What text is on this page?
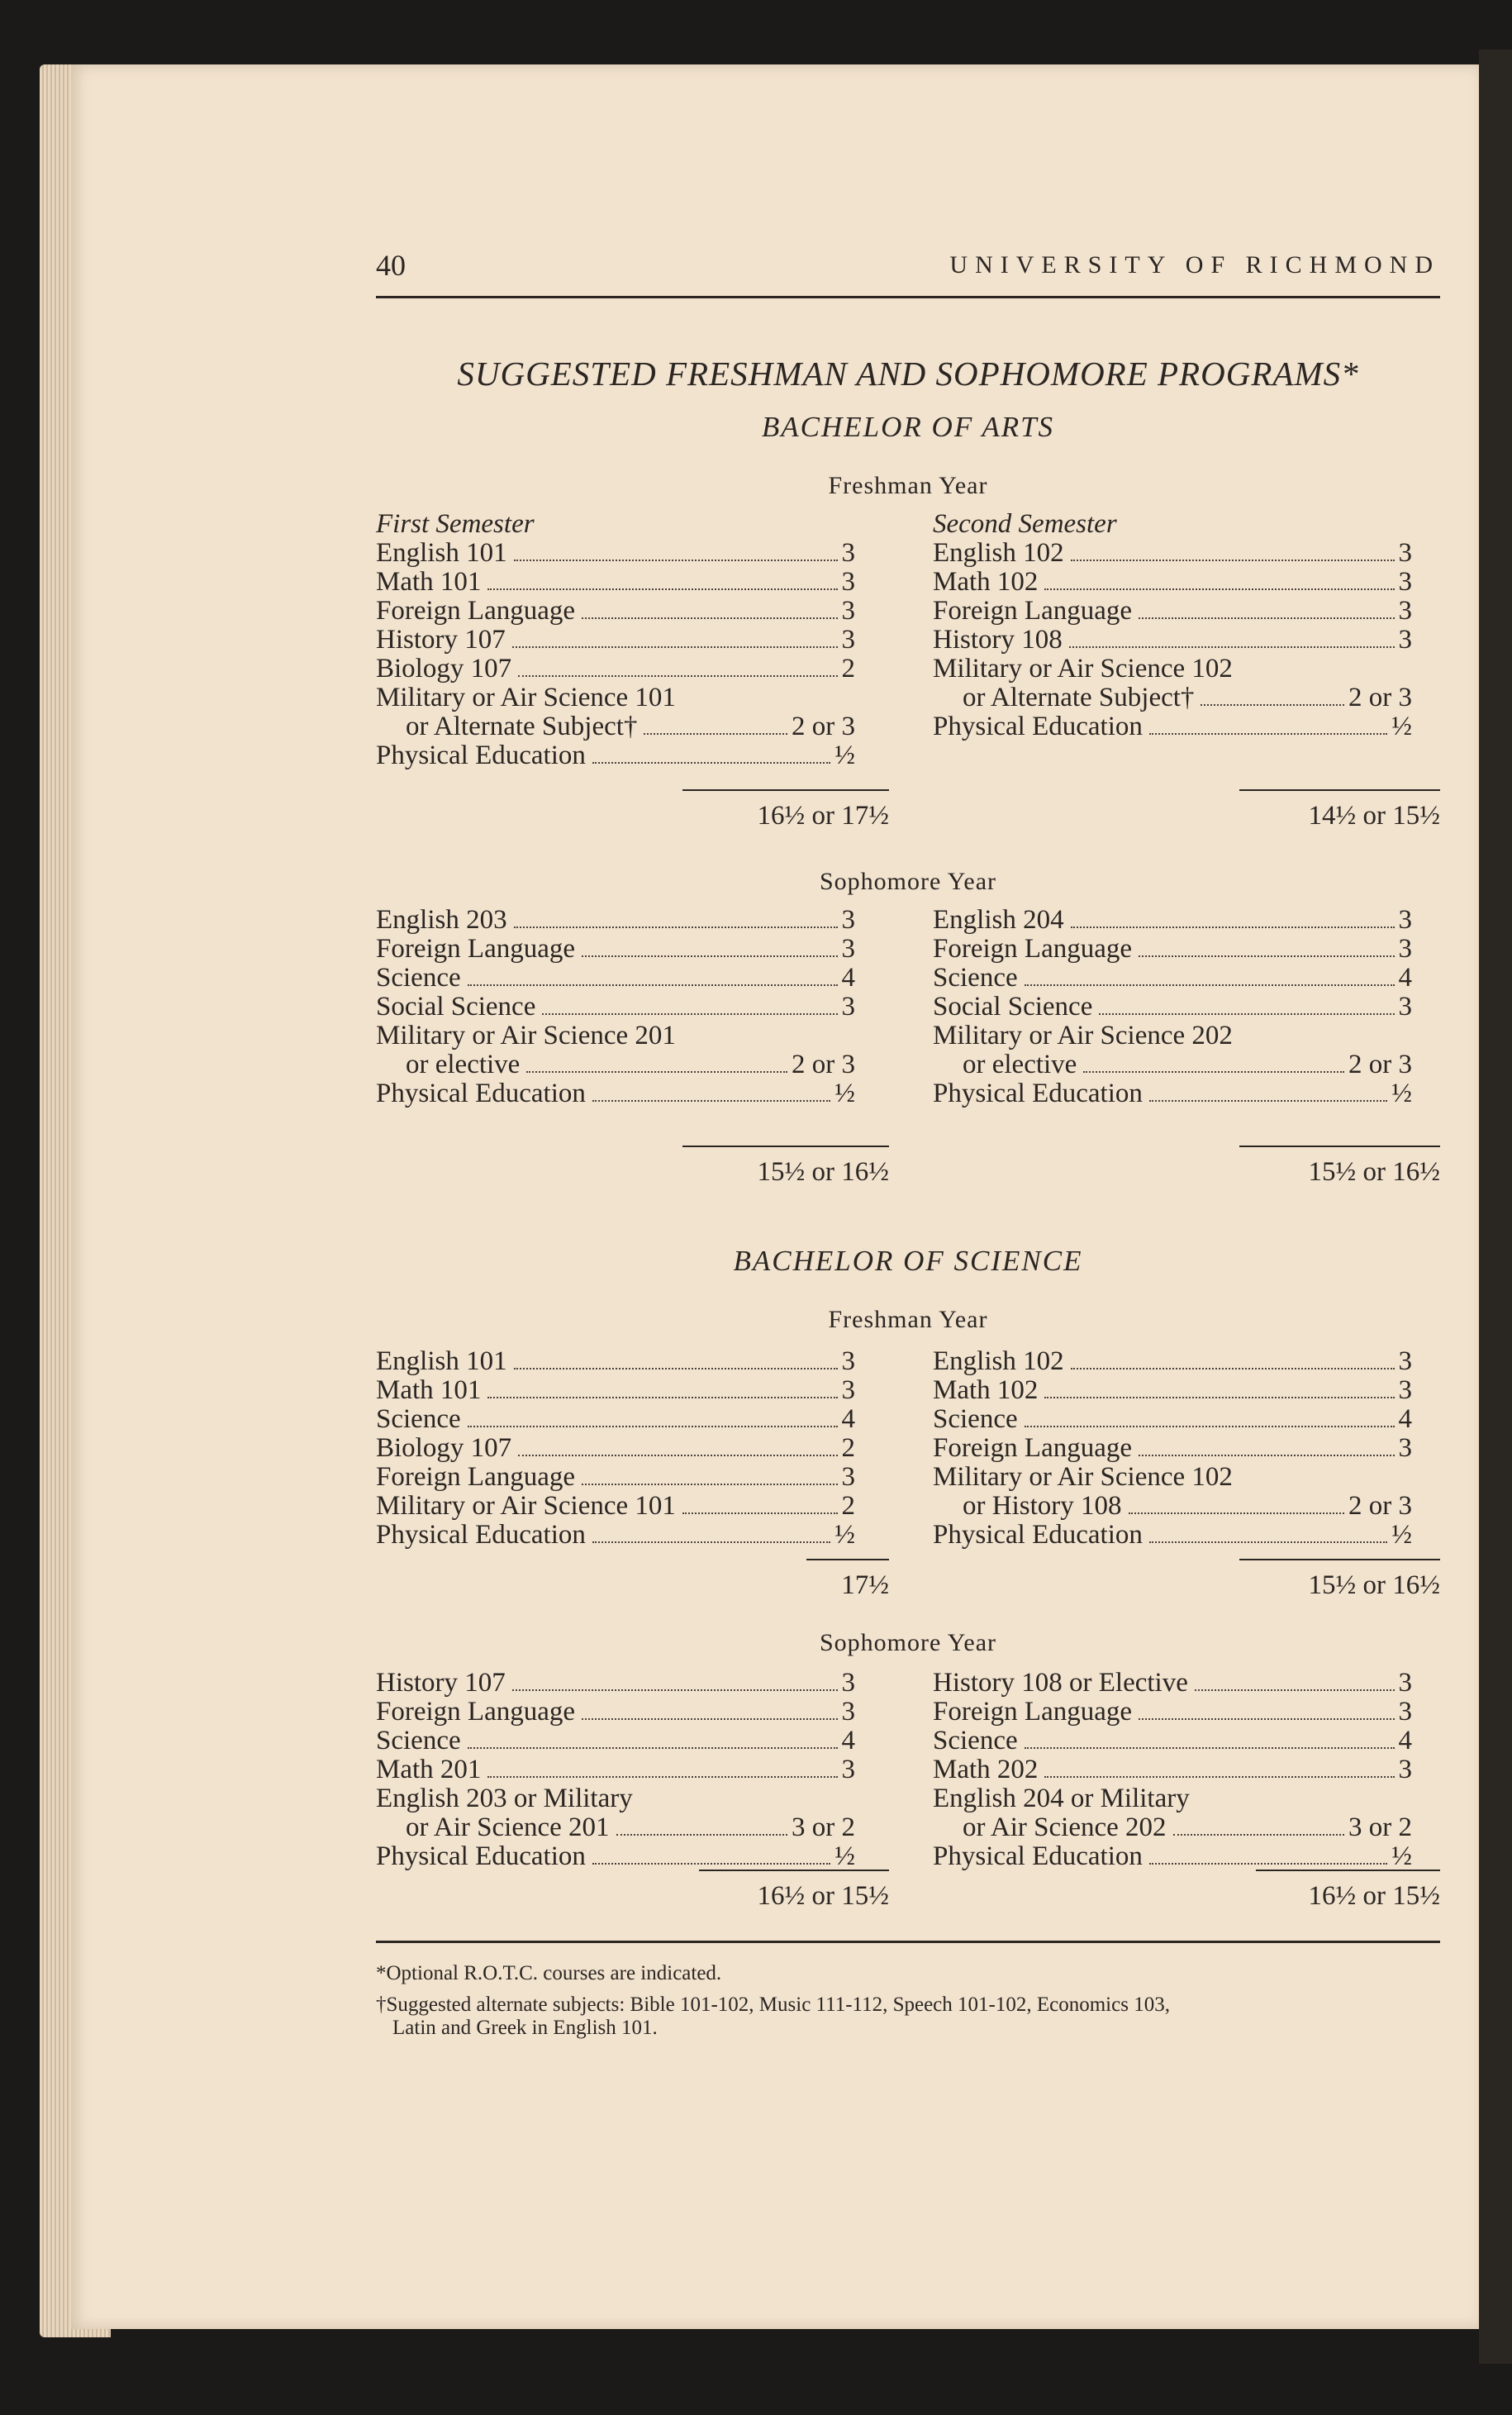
40	UNIVERSITY OF RICHMOND
SUGGESTED FRESHMAN AND SOPHOMORE PROGRAMS*
BACHELOR OF ARTS
Freshman Year
First Semester
English 101	3
Math 101	3
Foreign Language	3
History 107	3
Biology 107	2
Military or Air Science 101
or Alternate Subject†	2 or 3
Physical Education	½
Second Semester
English 102	3
Math 102	3
Foreign Language	3
History 108	3
Military or Air Science 102
or Alternate Subject†	2 or 3
Physical Education	½
16½ or 17½	14½ or 15½
Sophomore Year
English 203	3
Foreign Language	3
Science	4
Social Science	3
Military or Air Science 201
or elective	2 or 3
Physical Education	½
English 204	3
Foreign Language	3
Science	4
Social Science	3
Military or Air Science 202
or elective	2 or 3
Physical Education	½
15½ or 16½	15½ or 16½
BACHELOR OF SCIENCE
Freshman Year
English 101	3
Math 101	3
Science	4
Biology 107	2
Foreign Language	3
Military or Air Science 101	2
Physical Education	½
English 102	3
Math 102	3
Science	4
Foreign Language	3
Military or Air Science 102
or History 108	2 or 3
Physical Education	½
17½	15½ or 16½
Sophomore Year
History 107	3
Foreign Language	3
Science	4
Math 201	3
English 203 or Military
or Air Science 201	3 or 2
Physical Education	½
History 108 or Elective	3
Foreign Language	3
Science	4
Math 202	3
English 204 or Military
or Air Science 202	3 or 2
Physical Education	½
16½ or 15½	16½ or 15½
*Optional R.O.T.C. courses are indicated.
†Suggested alternate subjects: Bible 101-102, Music 111-112, Speech 101-102, Economics 103,
Latin and Greek in English 101.
